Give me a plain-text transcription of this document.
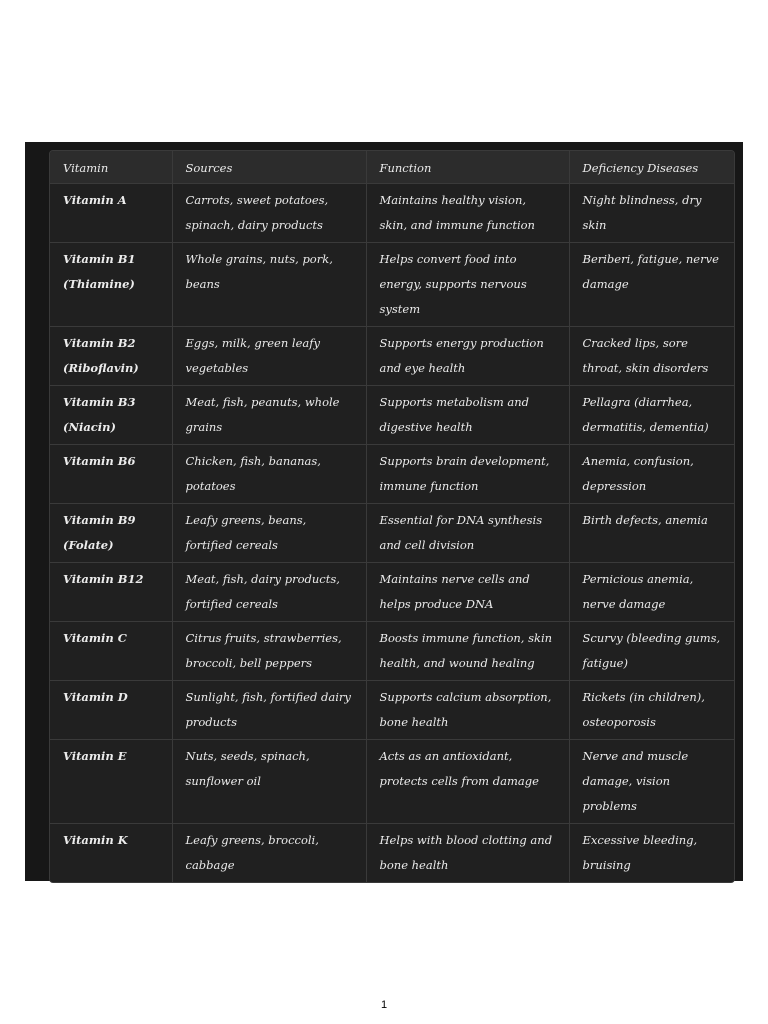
Vitamin	Sources	Function	Deficiency Diseases
Vitamin A	Carrots, sweet potatoes, spinach, dairy products	Maintains healthy vision, skin, and immune function	Night blindness, dry skin
Vitamin B1 (Thiamine)	Whole grains, nuts, pork, beans	Helps convert food into energy, supports nervous system	Beriberi, fatigue, nerve damage
Vitamin B2 (Riboflavin)	Eggs, milk, green leafy vegetables	Supports energy production and eye health	Cracked lips, sore throat, skin disorders
Vitamin B3 (Niacin)	Meat, fish, peanuts, whole grains	Supports metabolism and digestive health	Pellagra (diarrhea, dermatitis, dementia)
Vitamin B6	Chicken, fish, bananas, potatoes	Supports brain development, immune function	Anemia, confusion, depression
Vitamin B9 (Folate)	Leafy greens, beans, fortified cereals	Essential for DNA synthesis and cell division	Birth defects, anemia
Vitamin B12	Meat, fish, dairy products, fortified cereals	Maintains nerve cells and helps produce DNA	Pernicious anemia, nerve damage
Vitamin C	Citrus fruits, strawberries, broccoli, bell peppers	Boosts immune function, skin health, and wound healing	Scurvy (bleeding gums, fatigue)
Vitamin D	Sunlight, fish, fortified dairy products	Supports calcium absorption, bone health	Rickets (in children), osteoporosis
Vitamin E	Nuts, seeds, spinach, sunflower oil	Acts as an antioxidant, protects cells from damage	Nerve and muscle damage, vision problems
Vitamin K	Leafy greens, broccoli, cabbage	Helps with blood clotting and bone health	Excessive bleeding, bruising
1
